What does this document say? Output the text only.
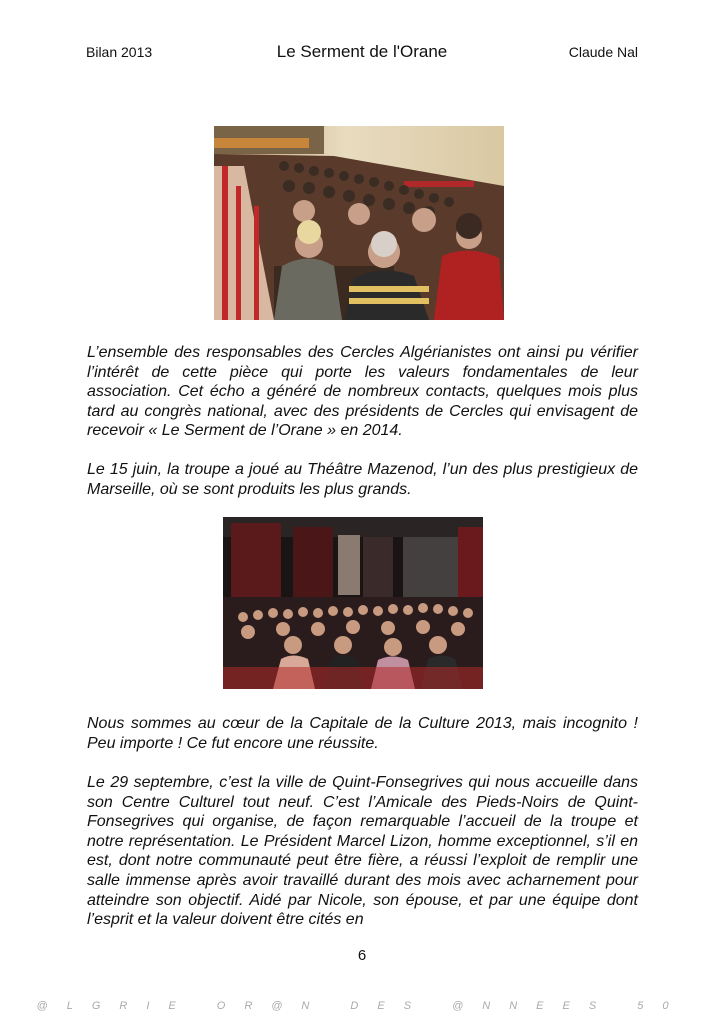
Bilan 2013	Le Serment de l'Orane	Claude Nal

L’ensemble des responsables des Cercles Algérianistes ont ainsi pu vérifier l’intérêt de cette pièce qui porte les valeurs fondamentales de leur association. Cet écho a généré de nombreux contacts, quelques mois plus tard au congrès national, avec des présidents de Cercles qui envisagent de recevoir « Le Serment de l’Orane » en 2014.

Le 15 juin, la troupe a joué au Théâtre Mazenod, l’un des plus prestigieux de Marseille, où se sont produits les plus grands.

Nous sommes au cœur de la Capitale de la Culture 2013, mais incognito ! Peu importe ! Ce fut encore une réussite.

Le 29 septembre, c’est la ville de Quint-Fonsegrives qui nous accueille dans son Centre Culturel tout neuf. C’est l’Amicale des Pieds-Noirs de Quint-Fonsegrives qui organise, de façon remarquable l’accueil de la troupe et notre représentation. Le Président Marcel Lizon, homme exceptionnel, s’il en est, dont notre communauté peut être fière, a réussi l’exploit de remplir une salle immense après avoir travaillé durant des mois avec acharnement pour atteindre son objectif. Aidé par Nicole, son épouse, et par une équipe dont l’esprit et la valeur doivent être cités en

6
@LGRIE OR@N DES @NNEES 50
